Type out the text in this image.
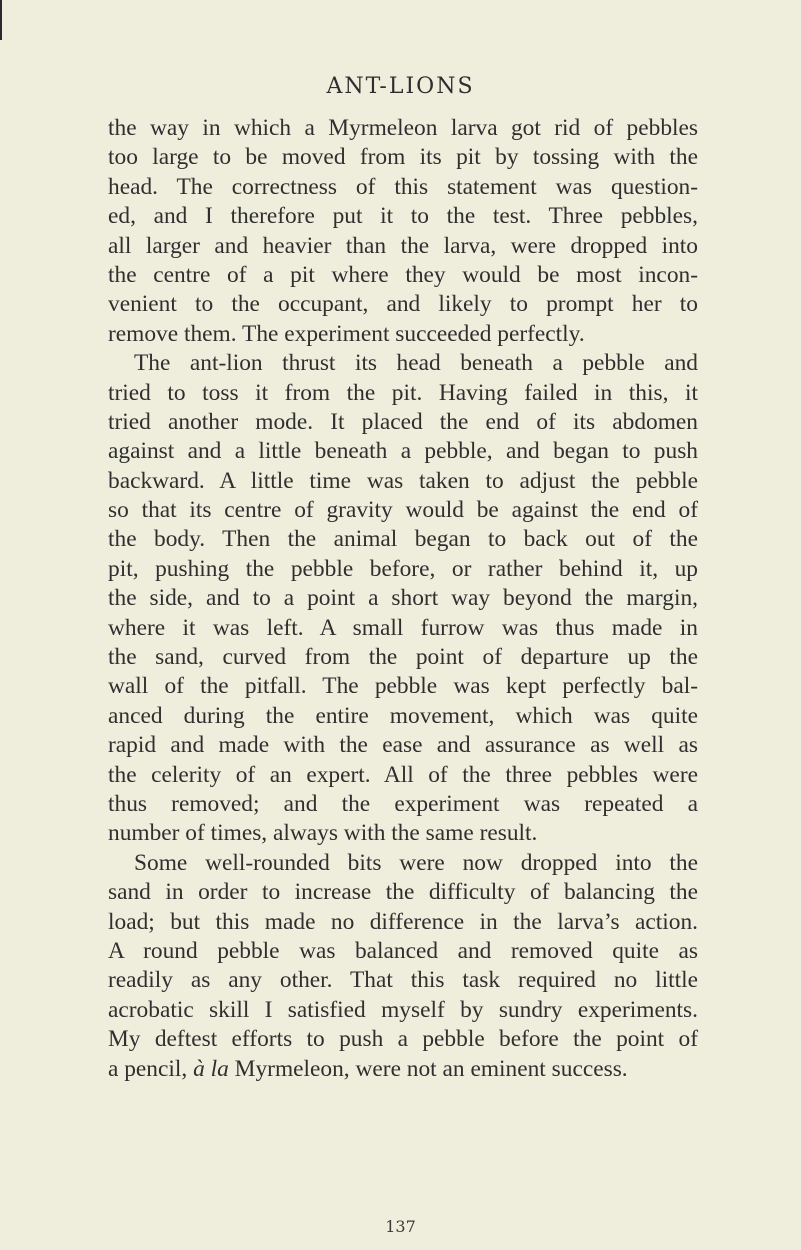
ANT-LIONS
the way in which a Myrmeleon larva got rid of pebbles
too large to be moved from its pit by tossing with the
head. The correctness of this statement was question-
ed, and I therefore put it to the test. Three pebbles,
all larger and heavier than the larva, were dropped into
the centre of a pit where they would be most incon-
venient to the occupant, and likely to prompt her to
remove them. The experiment succeeded perfectly.
The ant-lion thrust its head beneath a pebble and
tried to toss it from the pit. Having failed in this, it
tried another mode. It placed the end of its abdomen
against and a little beneath a pebble, and began to push
backward. A little time was taken to adjust the pebble
so that its centre of gravity would be against the end of
the body. Then the animal began to back out of the
pit, pushing the pebble before, or rather behind it, up
the side, and to a point a short way beyond the margin,
where it was left. A small furrow was thus made in
the sand, curved from the point of departure up the
wall of the pitfall. The pebble was kept perfectly bal-
anced during the entire movement, which was quite
rapid and made with the ease and assurance as well as
the celerity of an expert. All of the three pebbles were
thus removed; and the experiment was repeated a
number of times, always with the same result.
Some well-rounded bits were now dropped into the
sand in order to increase the difficulty of balancing the
load; but this made no difference in the larva’s action.
A round pebble was balanced and removed quite as
readily as any other. That this task required no little
acrobatic skill I satisfied myself by sundry experiments.
My deftest efforts to push a pebble before the point of
a pencil, à la Myrmeleon, were not an eminent success.
137
